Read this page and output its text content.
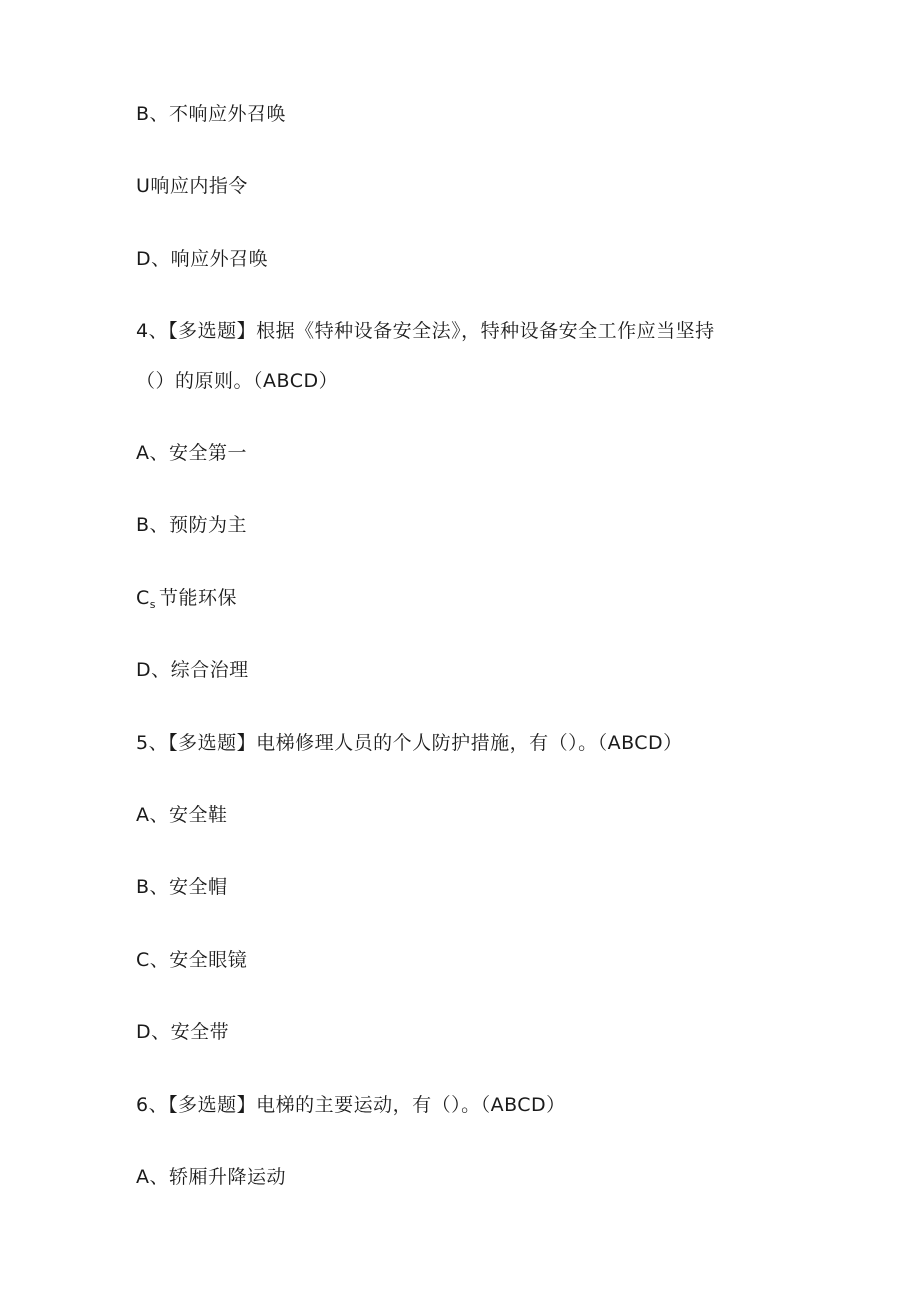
B、不响应外召唤
U响应内指令
D、响应外召唤
4、【多选题】根据《特种设备安全法》，特种设备安全工作应当坚持
（）的原则。（ABCD）
A、安全第一
B、预防为主
$C_s$ 节能环保
D、综合治理
5、【多选题】电梯修理人员的个人防护措施，有（）。（ABCD）
A、安全鞋
B、安全帽
C、安全眼镜
D、安全带
6、【多选题】电梯的主要运动，有（）。（ABCD）
A、轿厢升降运动
